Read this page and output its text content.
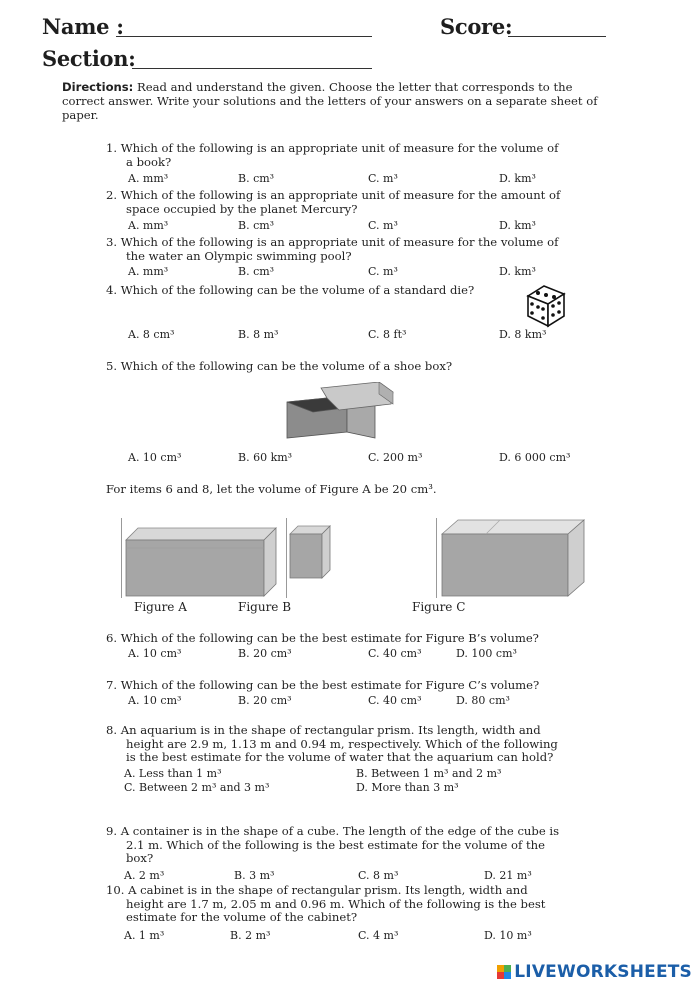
Name :	Score:
Section:
Directions: Read and understand the given. Choose the letter that corresponds to the correct answer. Write your solutions and the letters of your answers on a separate sheet of paper.
1. Which of the following is an appropriate unit of measure for the volume of
a book?
A. mm³	B. cm³	C. m³	D. km³
2. Which of the following is an appropriate unit of measure for the amount of
space occupied by the planet Mercury?
A. mm³	B. cm³	C. m³	D. km³
3. Which of the following is an appropriate unit of measure for the volume of
the water an Olympic swimming pool?
A. mm³	B. cm³	C. m³	D. km³
4. Which of the following can be the volume of a standard die?
A. 8 cm³	B. 8 m³	C. 8 ft³	D. 8 km³
5. Which of the following can be the volume of a shoe box?
A. 10 cm³	B. 60 km³	C. 200 m³	D. 6 000 cm³
For items 6 and 8, let the volume of Figure A be 20 cm³.
Figure A	Figure B	Figure C
6. Which of the following can be the best estimate for Figure B’s volume?
A. 10 cm³	B. 20 cm³	C. 40 cm³	D. 100 cm³
7. Which of the following can be the best estimate for Figure C’s volume?
A. 10 cm³	B. 20 cm³	C. 40 cm³	D. 80 cm³
8. An aquarium is in the shape of rectangular prism. Its length, width and
height are 2.9 m, 1.13 m and 0.94 m, respectively. Which of the following
is the best estimate for the volume of water that the aquarium can hold?
A. Less than 1 m³	B. Between 1 m³ and 2 m³
C. Between 2 m³ and 3 m³	D. More than 3 m³
9. A container is in the shape of a cube. The length of the edge of the cube is
2.1 m. Which of the following is the best estimate for the volume of the
box?
A. 2 m³	B. 3 m³	C. 8 m³	D. 21 m³
10. A cabinet is in the shape of rectangular prism. Its length, width and
height are 1.7 m, 2.05 m and 0.96 m. Which of the following is the best
estimate for the volume of the cabinet?
A. 1 m³	B. 2 m³	C. 4 m³	D. 10 m³
LIVEWORKSHEETS
